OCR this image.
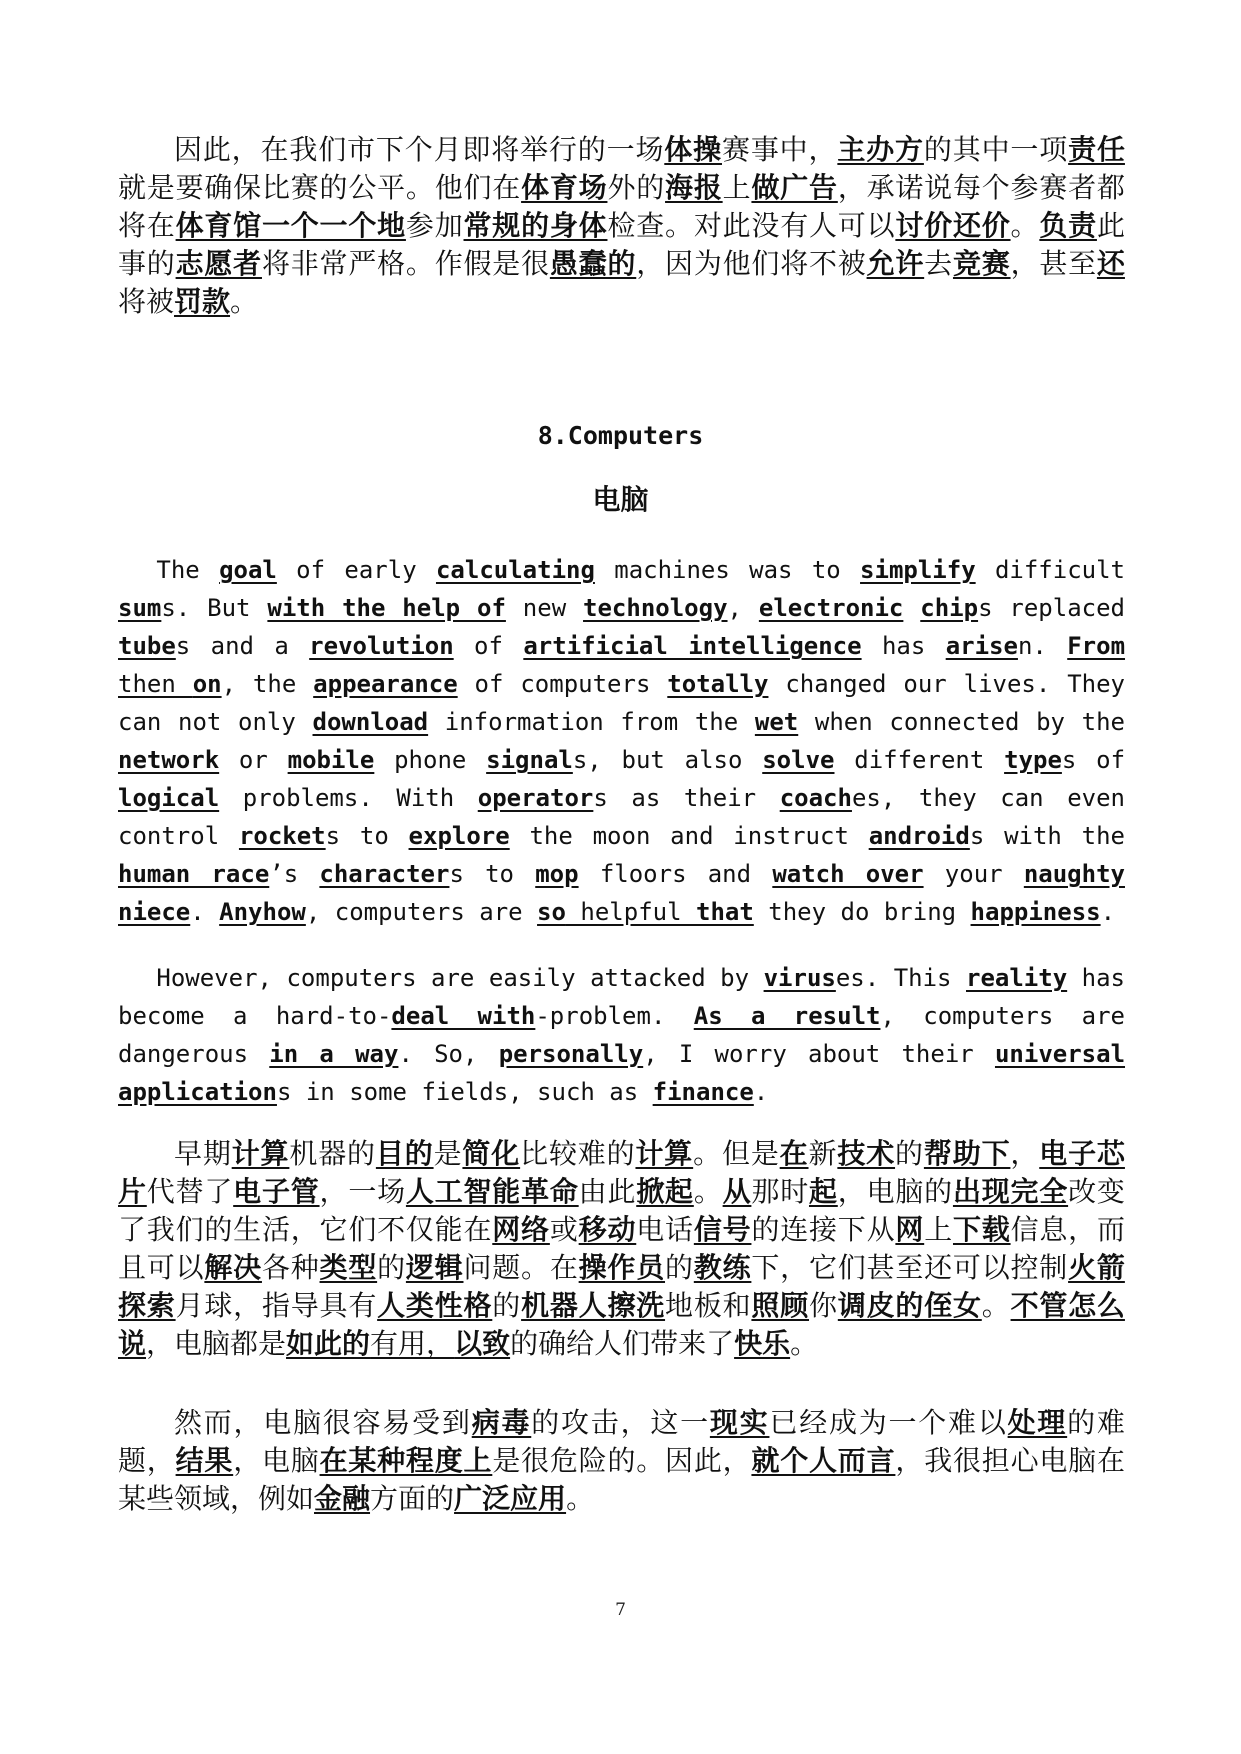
因此，在我们市下个月即将举行的一场体操赛事中，主办方的其中一项责任就是要确保比赛的公平。他们在体育场外的海报上做广告，承诺说每个参赛者都将在体育馆一个一个地参加常规的身体检查。对此没有人可以讨价还价。负责此事的志愿者将非常严格。作假是很愚蠢的，因为他们将不被允许去竞赛，甚至还将被罚款。

8.Computers
电脑

The goal of early calculating machines was to simplify difficult sums. But with the help of new technology, electronic chips replaced tubes and a revolution of artificial intelligence has arisen. From then on, the appearance of computers totally changed our lives. They can not only download information from the wet when connected by the network or mobile phone signals, but also solve different types of logical problems. With operators as their coaches, they can even control rockets to explore the moon and instruct androids with the human race’s characters to mop floors and watch over your naughty niece. Anyhow, computers are so helpful that they do bring happiness.

However, computers are easily attacked by viruses. This reality has become a hard-to-deal with-problem. As a result, computers are dangerous in a way. So, personally, I worry about their universal applications in some fields, such as finance.

早期计算机器的目的是简化比较难的计算。但是在新技术的帮助下，电子芯片代替了电子管，一场人工智能革命由此掀起。从那时起，电脑的出现完全改变了我们的生活，它们不仅能在网络或移动电话信号的连接下从网上下载信息，而且可以解决各种类型的逻辑问题。在操作员的教练下，它们甚至还可以控制火箭探索月球，指导具有人类性格的机器人擦洗地板和照顾你调皮的侄女。不管怎么说，电脑都是如此的有用，以致的确给人们带来了快乐。

然而，电脑很容易受到病毒的攻击，这一现实已经成为一个难以处理的难题，结果，电脑在某种程度上是很危险的。因此，就个人而言，我很担心电脑在某些领域，例如金融方面的广泛应用。

7
